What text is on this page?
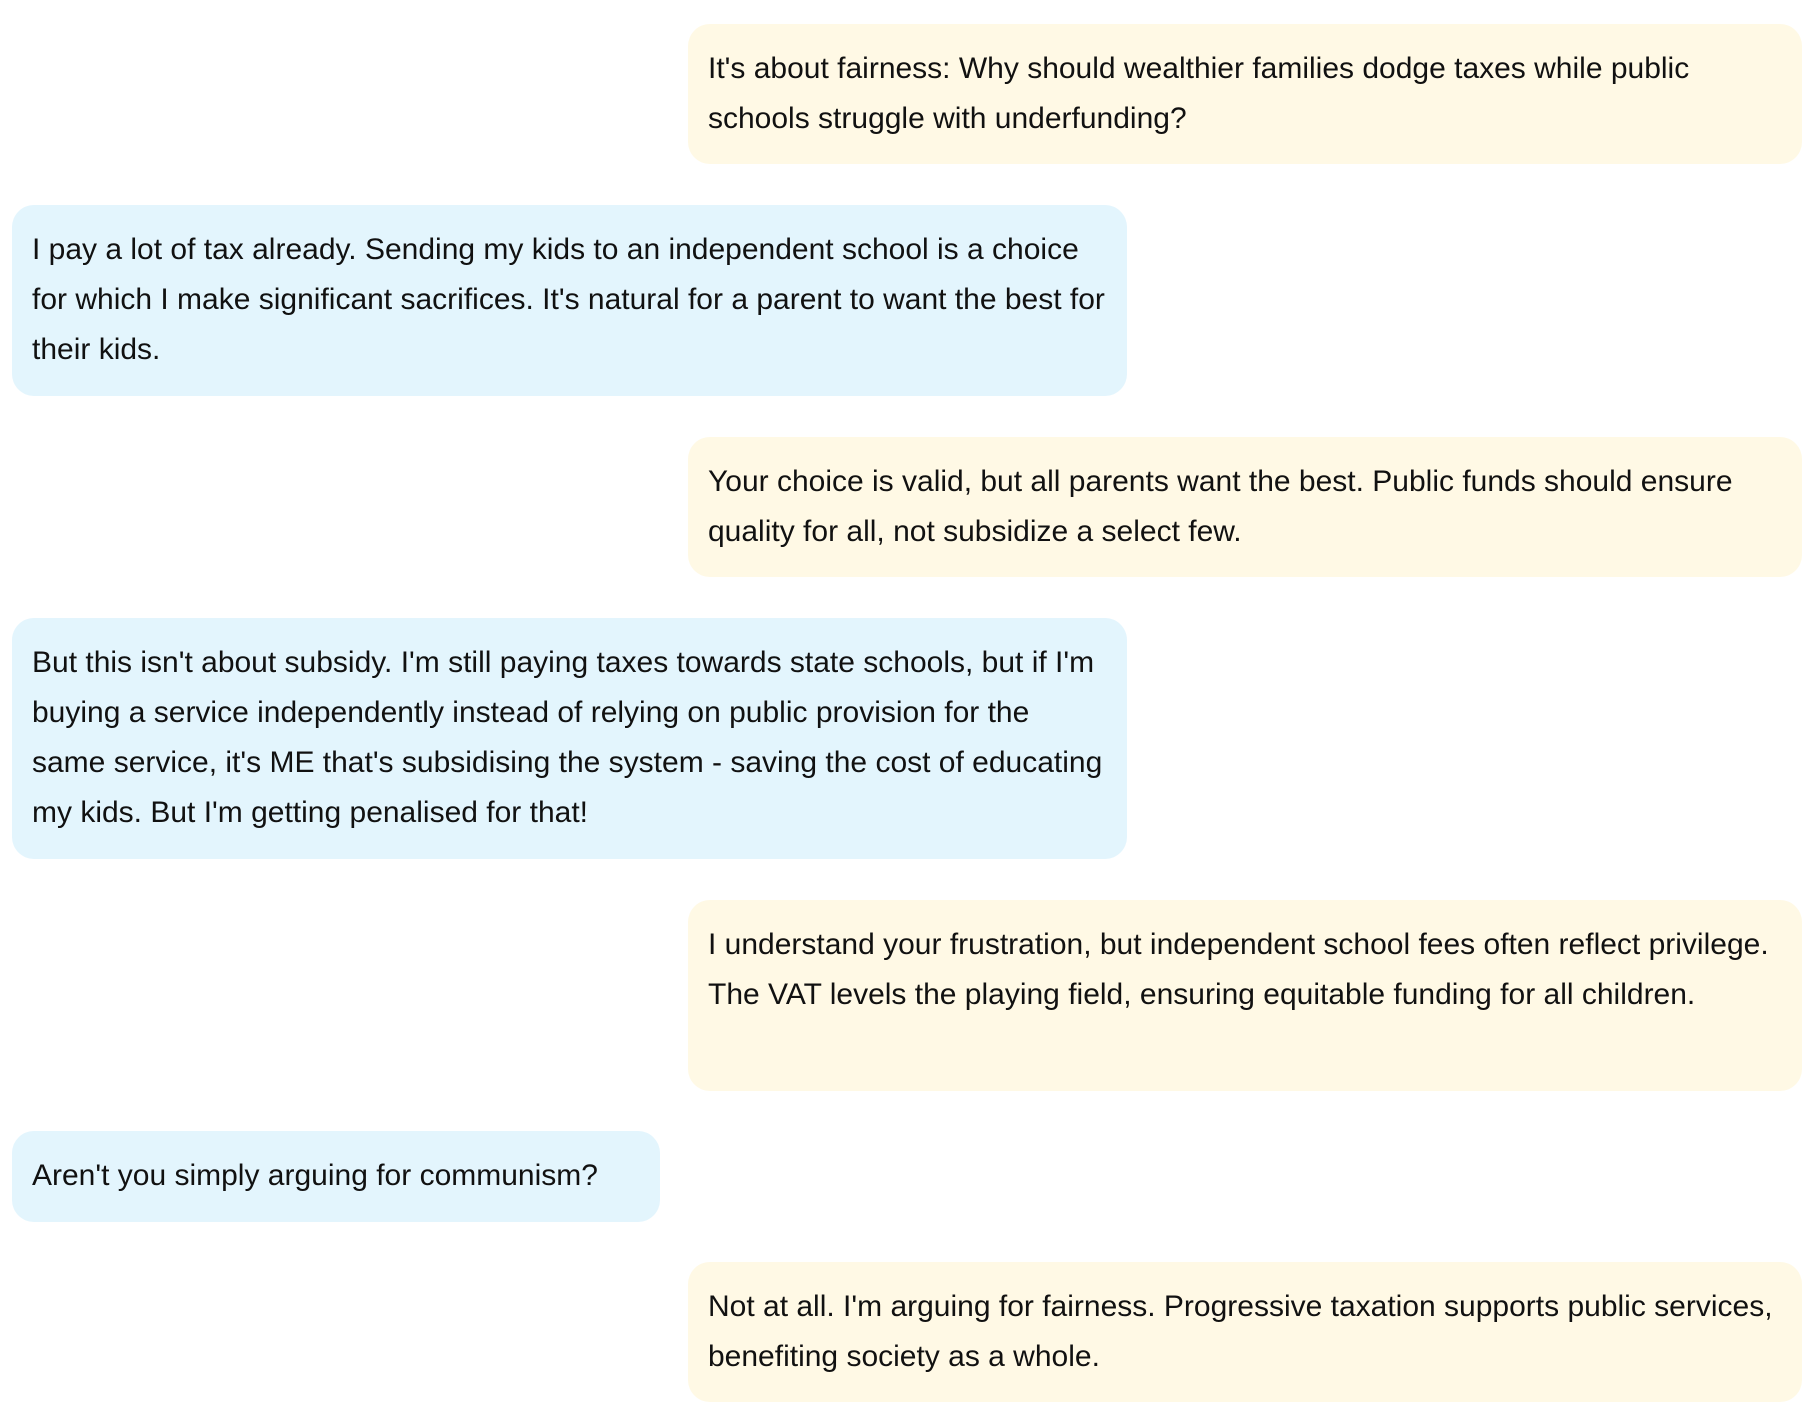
It's about fairness: Why should wealthier families dodge taxes while public schools struggle with underfunding?
I pay a lot of tax already. Sending my kids to an independent school is a choice for which I make significant sacrifices. It's natural for a parent to want the best for their kids.
Your choice is valid, but all parents want the best. Public funds should ensure quality for all, not subsidize a select few.
But this isn't about subsidy. I'm still paying taxes towards state schools, but if I'm buying a service independently instead of relying on public provision for the same service, it's ME that's subsidising the system - saving the cost of educating my kids. But I'm getting penalised for that!
I understand your frustration, but independent school fees often reflect privilege. The VAT levels the playing field, ensuring equitable funding for all children.
Aren't you simply arguing for communism?
Not at all. I'm arguing for fairness. Progressive taxation supports public services, benefiting society as a whole.
